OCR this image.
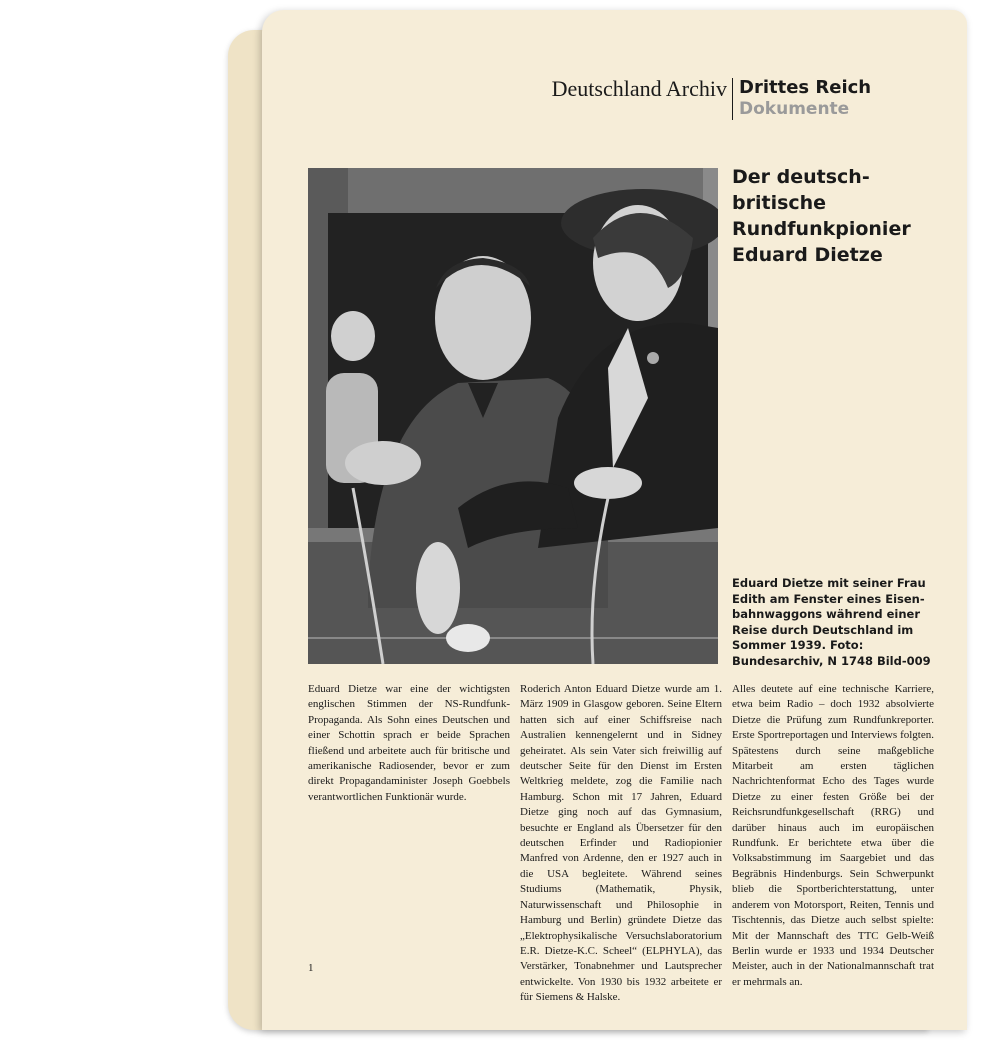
Deutschland Archiv Drittes Reich
Dokumente
Der deutsch-britische Rundfunkpionier Eduard Dietze
Eduard Dietze mit seiner Frau Edith am Fenster eines Eisen-bahnwaggons während einer Reise durch Deutschland im Sommer 1939. Foto: Bundesarchiv, N 1748 Bild-009

Eduard Dietze war eine der wichtigsten englischen Stimmen der NS-Rundfunk-Propaganda. Als Sohn eines Deutschen und einer Schottin sprach er beide Sprachen fließend und arbeitete auch für britische und amerikanische Radiosender, bevor er zum direkt Propagandaminister Joseph Goebbels verantwortlichen Funktionär wurde.

Roderich Anton Eduard Dietze wurde am 1. März 1909 in Glasgow geboren. Seine Eltern hatten sich auf einer Schiffsreise nach Australien kennengelernt und in Sidney geheiratet. Als sein Vater sich freiwillig auf deutscher Seite für den Dienst im Ersten Weltkrieg meldete, zog die Familie nach Hamburg. Schon mit 17 Jahren, Eduard Dietze ging noch auf das Gymnasium, besuchte er England als Übersetzer für den deutschen Erfinder und Radiopionier Manfred von Ardenne, den er 1927 auch in die USA begleitete. Während seines Studiums (Mathematik, Physik, Naturwissenschaft und Philosophie in Hamburg und Berlin) gründete Dietze das „Elektrophysikalische Versuchslaboratorium E.R. Dietze-K.C. Scheel“ (ELPHYLA), das Verstärker, Tonabnehmer und Lautsprecher entwickelte. Von 1930 bis 1932 arbeitete er für Siemens & Halske.

Alles deutete auf eine technische Karriere, etwa beim Radio – doch 1932 absolvierte Dietze die Prüfung zum Rundfunkreporter. Erste Sportreportagen und Interviews folgten. Spätestens durch seine maßgebliche Mitarbeit am ersten täglichen Nachrichtenformat Echo des Tages wurde Dietze zu einer festen Größe bei der Reichsrundfunkgesellschaft (RRG) und darüber hinaus auch im europäischen Rundfunk. Er berichtete etwa über die Volksabstimmung im Saargebiet und das Begräbnis Hindenburgs. Sein Schwerpunkt blieb die Sportberichterstattung, unter anderem von Motorsport, Reiten, Tennis und Tischtennis, das Dietze auch selbst spielte: Mit der Mannschaft des TTC Gelb-Weiß Berlin wurde er 1933 und 1934 Deutscher Meister, auch in der Nationalmannschaft trat er mehrmals an.

1
